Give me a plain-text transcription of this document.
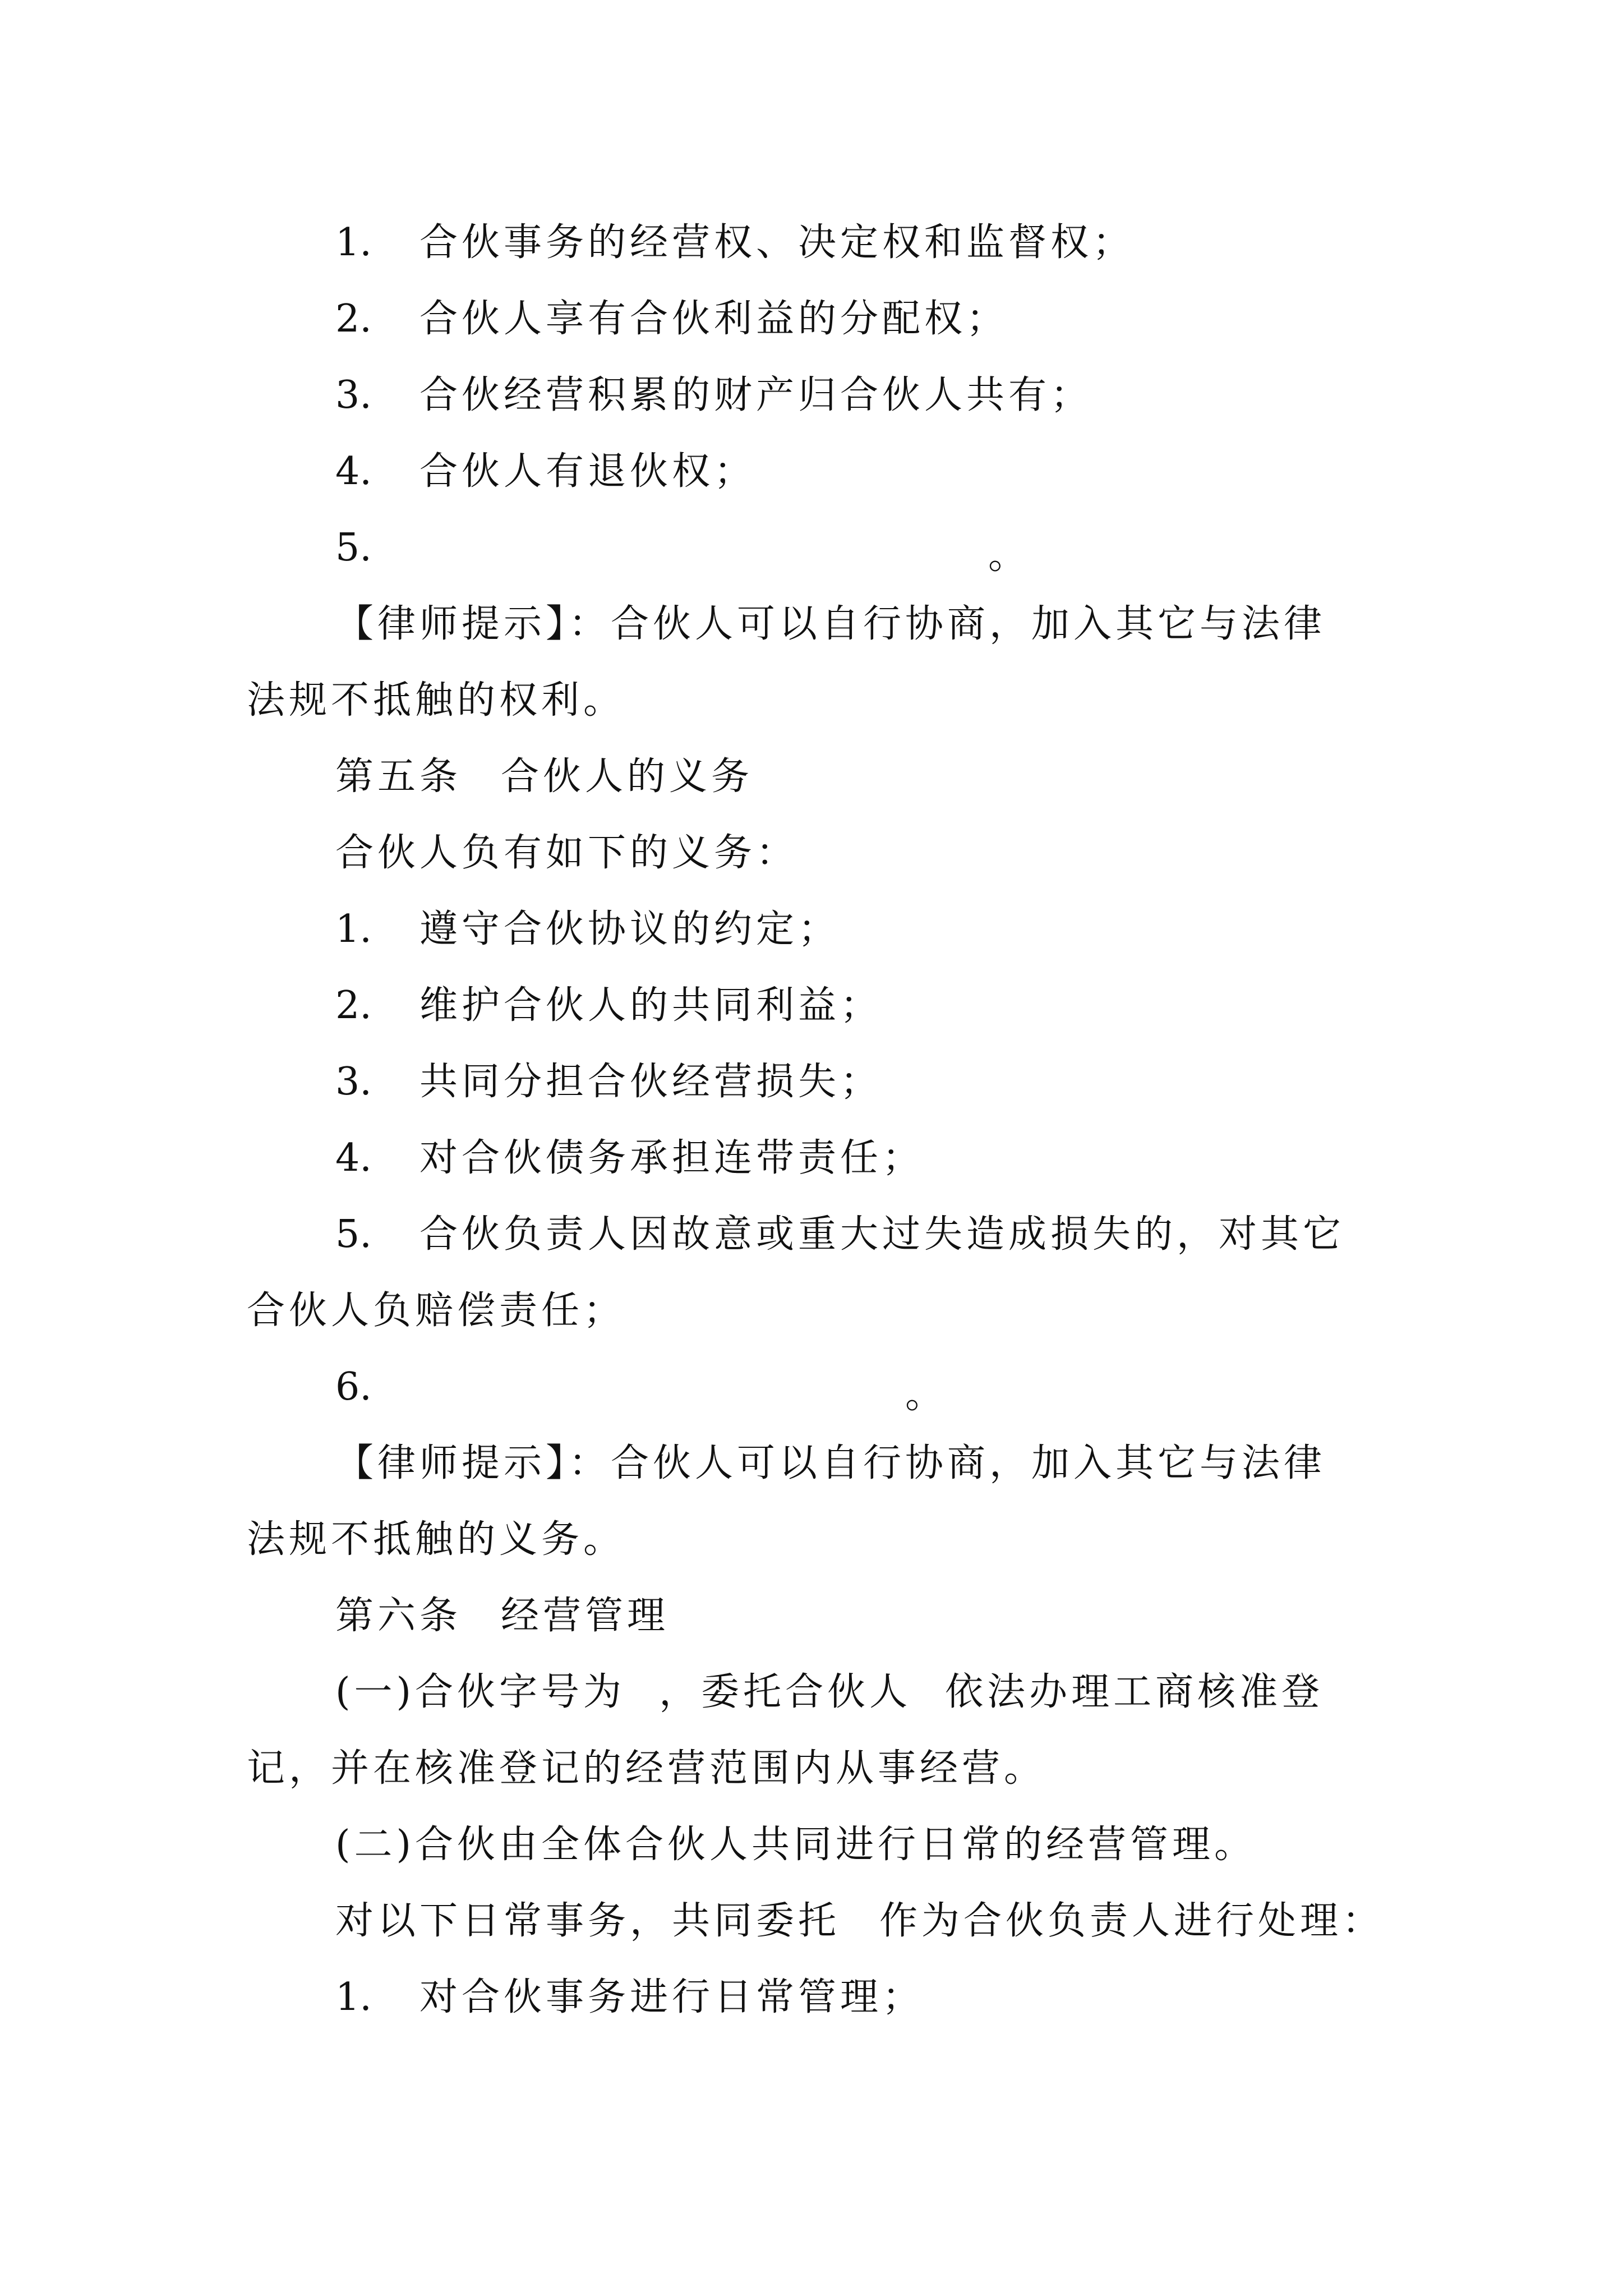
1. 合伙事务的经营权、决定权和监督权；

2. 合伙人享有合伙利益的分配权；

3. 合伙经营积累的财产归合伙人共有；

4. 合伙人有退伙权；

5.	。

【律师提示】：合伙人可以自行协商，加入其它与法律

法规不抵触的权利。

第五条 合伙人的义务

合伙人负有如下的义务：

1. 遵守合伙协议的约定；

2. 维护合伙人的共同利益；

3. 共同分担合伙经营损失；

4. 对合伙债务承担连带责任；

5. 合伙负责人因故意或重大过失造成损失的，对其它

合伙人负赔偿责任；

6.	。

【律师提示】：合伙人可以自行协商，加入其它与法律

法规不抵触的义务。

第六条 经营管理

(一)合伙字号为 ，委托合伙人 依法办理工商核准登

记，并在核准登记的经营范围内从事经营。

(二)合伙由全体合伙人共同进行日常的经营管理。

对以下日常事务，共同委托 作为合伙负责人进行处理：

1. 对合伙事务进行日常管理；
